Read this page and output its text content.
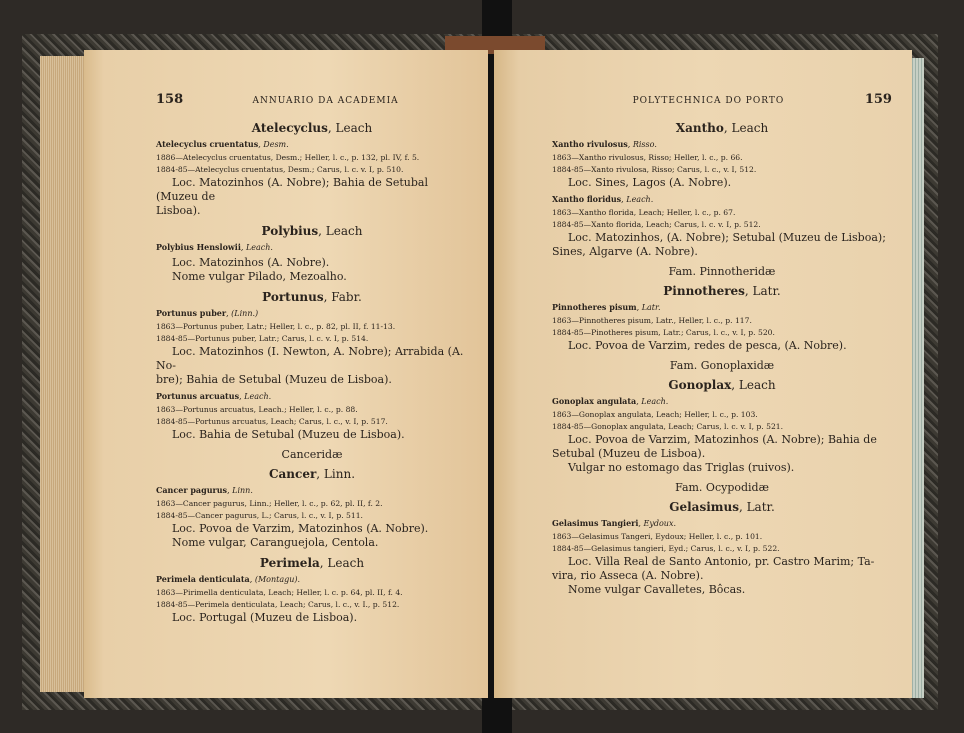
158	ANNUARIO DA ACADEMIA
Atelecyclus, Leach
Atelecyclus cruentatus, Desm.
1886—Atelecyclus cruentatus, Desm.; Heller, l. c., p. 132, pl. IV, f. 5.
1884-85—Atelecyclus cruentatus, Desm.; Carus, l. c. v. I, p. 510.

Loc. Matozinhos (A. Nobre); Bahia de Setubal (Muzeu de

Lisboa).

Polybius, Leach
Polybius Henslowii, Leach.

Loc. Matozinhos (A. Nobre).

Nome vulgar Pilado, Mezoalho.

Portunus, Fabr.
Portunus puber, (Linn.)
1863—Portunus puber, Latr.; Heller, l. c., p. 82, pl. II, f. 11-13.
1884-85—Portunus puber, Latr.; Carus, l. c. v. I, p. 514.

Loc. Matozinhos (I. Newton, A. Nobre); Arrabida (A. No-

bre); Bahia de Setubal (Muzeu de Lisboa).

Portunus arcuatus, Leach.
1863—Portunus arcuatus, Leach.; Heller, l. c., p. 88.
1884-85—Portunus arcuatus, Leach; Carus, l. c., v. I, p. 517.

Loc. Bahia de Setubal (Muzeu de Lisboa).

Canceridæ
Cancer, Linn.
Cancer pagurus, Linn.
1863—Cancer pagurus, Linn.; Heller, l. c., p. 62, pl. II, f. 2.
1884-85—Cancer pagurus, L.; Carus, l. c., v. I, p. 511.

Loc. Povoa de Varzim, Matozinhos (A. Nobre).

Nome vulgar, Caranguejola, Centola.

Perimela, Leach
Perimela denticulata, (Montagu).
1863—Pirimella denticulata, Leach; Heller, l. c. p. 64, pl. II, f. 4.
1884-85—Perimela denticulata, Leach; Carus, l. c., v. I., p. 512.

Loc. Portugal (Muzeu de Lisboa).

POLYTECHNICA DO PORTO	159
Xantho, Leach
Xantho rivulosus, Risso.
1863—Xantho rivulosus, Risso; Heller, l. c., p. 66.
1884-85—Xanto rivulosa, Risso; Carus, l. c., v. I, 512.

Loc. Sines, Lagos (A. Nobre).

Xantho floridus, Leach.
1863—Xantho florida, Leach; Heller, l. c., p. 67.
1884-85—Xanto florida, Leach; Carus, l. c. v. I, p. 512.

Loc. Matozinhos, (A. Nobre); Setubal (Muzeu de Lisboa);

Sines, Algarve (A. Nobre).

Fam. Pinnotheridæ
Pinnotheres, Latr.
Pinnotheres pisum, Latr.
1863—Pinnotheres pisum, Latr., Heller, l. c., p. 117.
1884-85—Pinotheres pisum, Latr.; Carus, l. c., v. I, p. 520.

Loc. Povoa de Varzim, redes de pesca, (A. Nobre).

Fam. Gonoplaxidæ
Gonoplax, Leach
Gonoplax angulata, Leach.
1863—Gonoplax angulata, Leach; Heller, l. c., p. 103.
1884-85—Gonoplax angulata, Leach; Carus, l. c. v. I, p. 521.

Loc. Povoa de Varzim, Matozinhos (A. Nobre); Bahia de

Setubal (Muzeu de Lisboa).

Vulgar no estomago das Triglas (ruivos).

Fam. Ocypodidæ
Gelasimus, Latr.
Gelasimus Tangieri, Eydoux.
1863—Gelasimus Tangeri, Eydoux; Heller, l. c., p. 101.
1884-85—Gelasimus tangieri, Eyd.; Carus, l. c., v. I, p. 522.

Loc. Villa Real de Santo Antonio, pr. Castro Marim; Ta-

vira, rio Asseca (A. Nobre).

Nome vulgar Cavalletes, Bôcas.
